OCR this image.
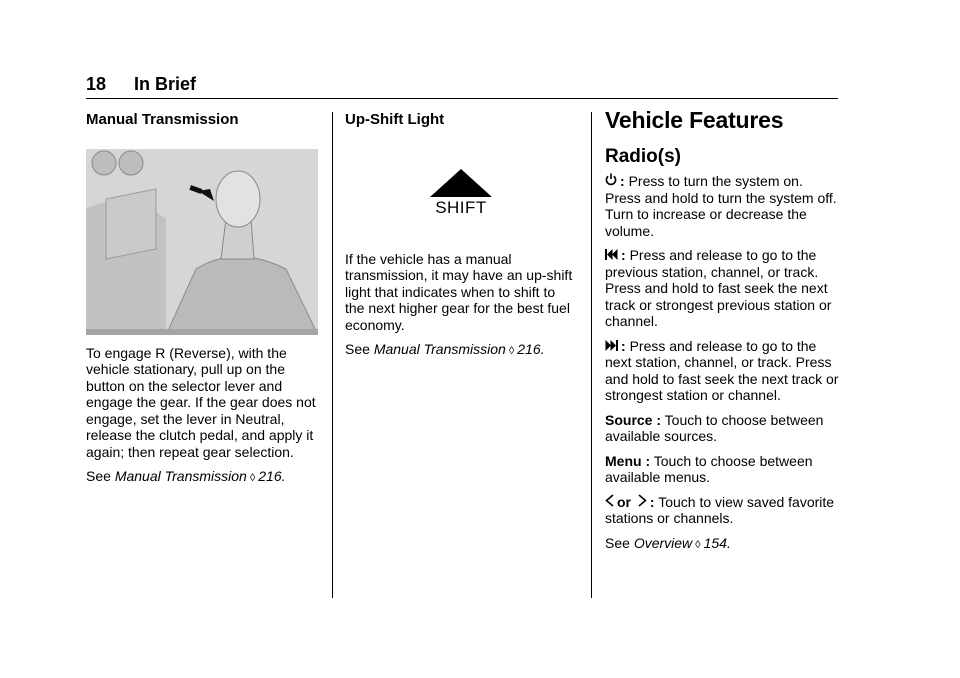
18 In Brief
Manual Transmission

To engage R (Reverse), with the vehicle stationary, pull up on the button on the selector lever and engage the gear. If the gear does not engage, set the lever in Neutral, release the clutch pedal, and apply it again; then repeat gear selection.

See Manual Transmission ◊ 216.

Up-Shift Light
SHIFT

If the vehicle has a manual transmission, it may have an up-shift light that indicates when to shift to the next higher gear for the best fuel economy.

See Manual Transmission ◊ 216.

Vehicle Features
Radio(s)

: Press to turn the system on. Press and hold to turn the system off. Turn to increase or decrease the volume.

: Press and release to go to the previous station, channel, or track. Press and hold to fast seek the next track or strongest previous station or channel.

: Press and release to go to the next station, channel, or track. Press and hold to fast seek the next track or strongest station or channel.

Source : Touch to choose between available sources.

Menu : Touch to choose between available menus.

or : Touch to view saved favorite stations or channels.

See Overview ◊ 154.
